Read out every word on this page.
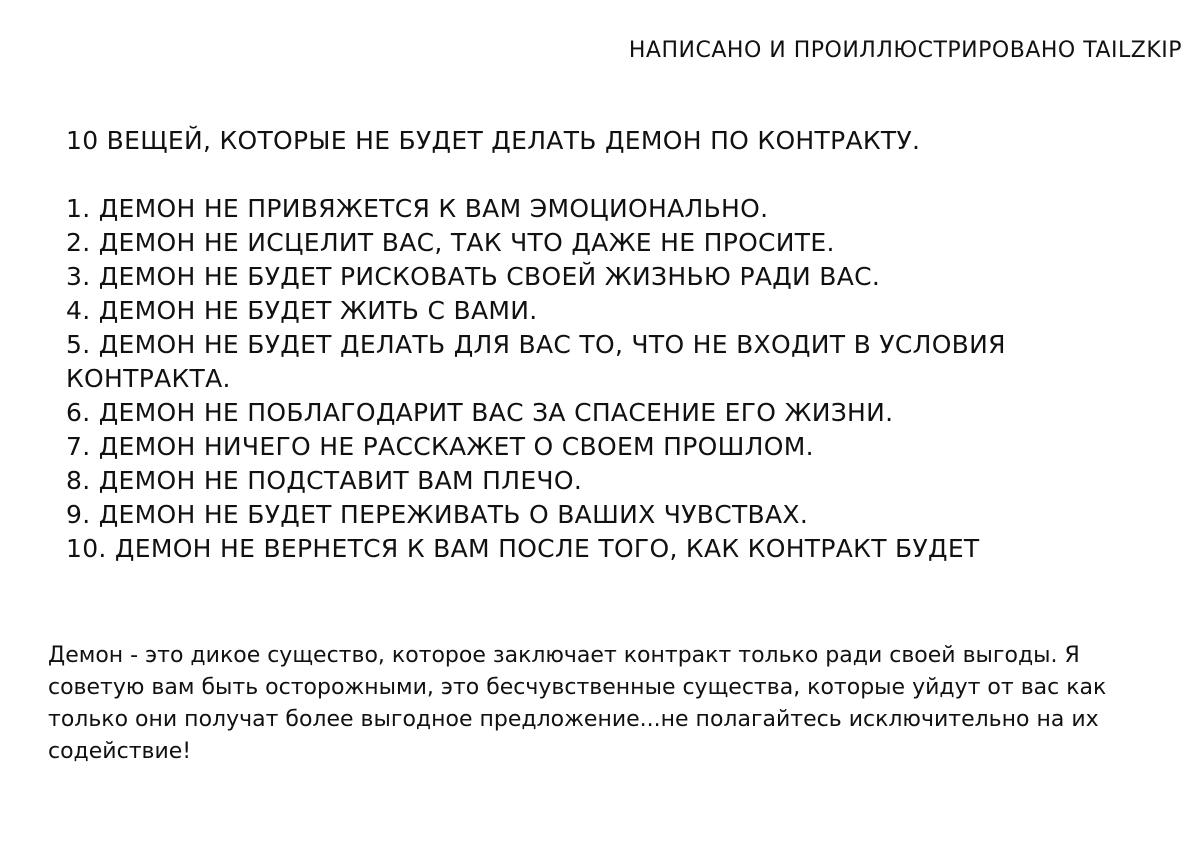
НАПИСАНО И ПРОИЛЛЮСТРИРОВАНО TAILZKIP
10 ВЕЩЕЙ, КОТОРЫЕ НЕ БУДЕТ ДЕЛАТЬ ДЕМОН ПО КОНТРАКТУ.
1. ДЕМОН НЕ ПРИВЯЖЕТСЯ К ВАМ ЭМОЦИОНАЛЬНО.
2. ДЕМОН НЕ ИСЦЕЛИТ ВАС, ТАК ЧТО ДАЖЕ НЕ ПРОСИТЕ.
3. ДЕМОН НЕ БУДЕТ РИСКОВАТЬ СВОЕЙ ЖИЗНЬЮ РАДИ ВАС.
4. ДЕМОН НЕ БУДЕТ ЖИТЬ С ВАМИ.
5. ДЕМОН НЕ БУДЕТ ДЕЛАТЬ ДЛЯ ВАС ТО, ЧТО НЕ ВХОДИТ В УСЛОВИЯ КОНТРАКТА.
6. ДЕМОН НЕ ПОБЛАГОДАРИТ ВАС ЗА СПАСЕНИЕ ЕГО ЖИЗНИ.
7. ДЕМОН НИЧЕГО НЕ РАССКАЖЕТ О СВОЕМ ПРОШЛОМ.
8. ДЕМОН НЕ ПОДСТАВИТ ВАМ ПЛЕЧО.
9. ДЕМОН НЕ БУДЕТ ПЕРЕЖИВАТЬ О ВАШИХ ЧУВСТВАХ.
10. ДЕМОН НЕ ВЕРНЕТСЯ К ВАМ ПОСЛЕ ТОГО, КАК КОНТРАКТ БУДЕТ
Демон - это дикое существо, которое заключает контракт только ради своей выгоды. Я советую вам быть осторожными, это бесчувственные существа, которые уйдут от вас как только они получат более выгодное предложение...не полагайтесь исключительно на их содействие!
